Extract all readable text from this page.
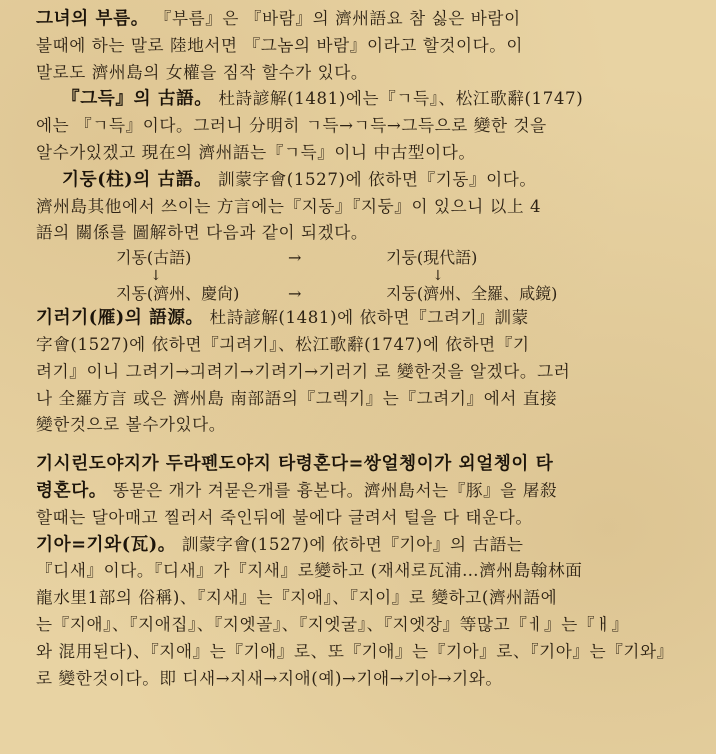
그녀의 부름。 『부름』은 『바람』의 濟州語요 참 싫은 바람이
불때에 하는 말로 陸地서면 『그놈의 바람』이라고 할것이다。이
말로도 濟州島의 女權을 짐작 할수가 있다。
『그득』의 古語。 杜詩諺解(1481)에는『ㄱ득』、松江歌辭(1747)
에는 『ㄱ득』이다。그러니 分明히 ㄱ득→ㄱ득→그득으로 變한 것을
알수가있겠고 現在의 濟州語는『ㄱ득』이니 中古型이다。
기둥(柱)의 古語。 訓蒙字會(1527)에 依하면『기동』이다。
濟州島其他에서 쓰이는 方言에는『지동』『지둥』이 있으니 以上 4
語의 關係를 圖解하면 다음과 같이 되겠다。
기동(古語)	→	기둥(現代語)
↓	↓
지동(濟州、慶尙)	→	지둥(濟州、全羅、咸鏡)
기러기(雁)의 語源。 杜詩諺解(1481)에 依하면『그려기』訓蒙
字會(1527)에 依하면『긔려기』、松江歌辭(1747)에 依하면『기
려기』이니 그려기→긔려기→기려기→기러기 로 變한것을 알겠다。그러
나 全羅方言 或은 濟州島 南部語의『그렉기』는『그려기』에서 直接
變한것으로 볼수가있다。
기시린도야지가 두라펜도야지 타령혼다=쌍얼쳉이가 외얼쳉이 타
령혼다。 똥묻은 개가 겨묻은개를 흉본다。濟州島서는『豚』을 屠殺
할때는 달아매고 찔러서 죽인뒤에 불에다 글려서 털을 다 태운다。
기아=기와(瓦)。 訓蒙字會(1527)에 依하면『기아』의 古語는
『디새』이다。『디새』가『지새』로變하고 (재새로瓦浦…濟州島翰林面
龍水里1部의 俗稱)、『지새』는『지애』、『지이』로 變하고(濟州語에
는『지애』、『지애집』、『지엣골』、『지엣굴』、『지엣장』等많고『ㅔ』는『ㅐ』
와 混用된다)、『지애』는『기애』로、또『기애』는『기아』로、『기아』는『기와』
로 變한것이다。即 디새→지새→지애(예)→기애→기아→기와。
